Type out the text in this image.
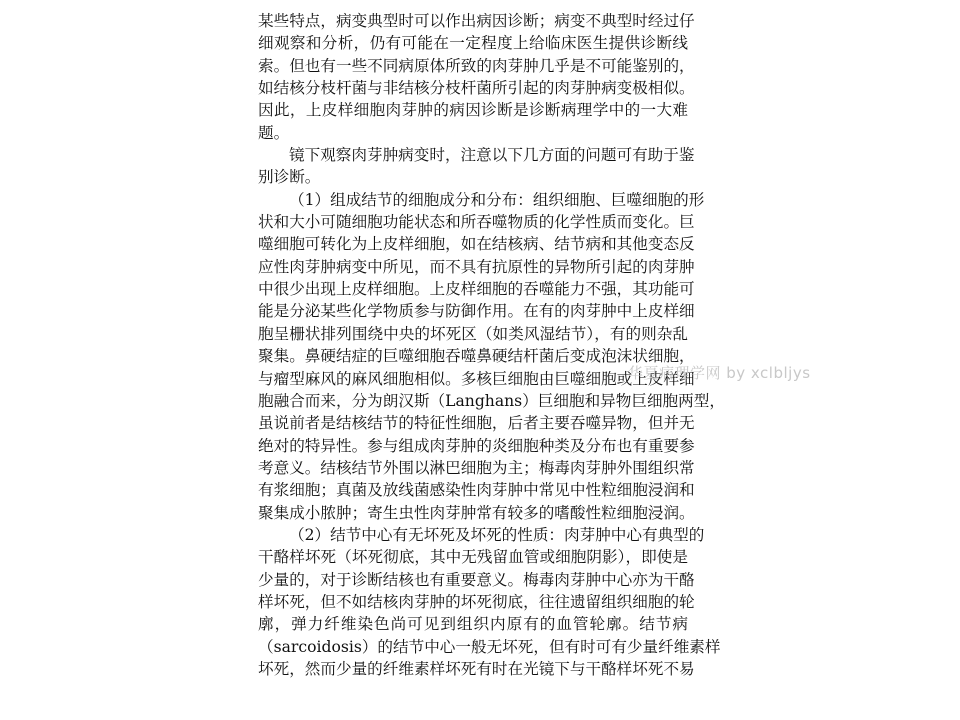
某些特点，病变典型时可以作出病因诊断；病变不典型时经过仔
细观察和分析，仍有可能在一定程度上给临床医生提供诊断线
索。但也有一些不同病原体所致的肉芽肿几乎是不可能鉴别的，
如结核分枝杆菌与非结核分枝杆菌所引起的肉芽肿病变极相似。
因此，上皮样细胞肉芽肿的病因诊断是诊断病理学中的一大难
题。
镜下观察肉芽肿病变时，注意以下几方面的问题可有助于鉴
别诊断。
（1）组成结节的细胞成分和分布：组织细胞、巨噬细胞的形
状和大小可随细胞功能状态和所吞噬物质的化学性质而变化。巨
噬细胞可转化为上皮样细胞，如在结核病、结节病和其他变态反
应性肉芽肿病变中所见，而不具有抗原性的异物所引起的肉芽肿
中很少出现上皮样细胞。上皮样细胞的吞噬能力不强，其功能可
能是分泌某些化学物质参与防御作用。在有的肉芽肿中上皮样细
胞呈栅状排列围绕中央的坏死区（如类风湿结节），有的则杂乱
聚集。鼻硬结症的巨噬细胞吞噬鼻硬结杆菌后变成泡沫状细胞，
与瘤型麻风的麻风细胞相似。多核巨细胞由巨噬细胞或上皮样细
胞融合而来，分为朗汉斯（Langhans）巨细胞和异物巨细胞两型，
虽说前者是结核结节的特征性细胞，后者主要吞噬异物，但并无
绝对的特异性。参与组成肉芽肿的炎细胞种类及分布也有重要参
考意义。结核结节外围以淋巴细胞为主；梅毒肉芽肿外围组织常
有浆细胞；真菌及放线菌感染性肉芽肿中常见中性粒细胞浸润和
聚集成小脓肿；寄生虫性肉芽肿常有较多的嗜酸性粒细胞浸润。
（2）结节中心有无坏死及坏死的性质：肉芽肿中心有典型的
干酪样坏死（坏死彻底，其中无残留血管或细胞阴影），即使是
少量的，对于诊断结核也有重要意义。梅毒肉芽肿中心亦为干酪
样坏死，但不如结核肉芽肿的坏死彻底，往往遗留组织细胞的轮
廓，弹力纤维染色尚可见到组织内原有的血管轮廓。结节病
（sarcoidosis）的结节中心一般无坏死，但有时可有少量纤维素样
坏死，然而少量的纤维素样坏死有时在光镜下与干酪样坏死不易
华夏病理学网 by xclbljys
